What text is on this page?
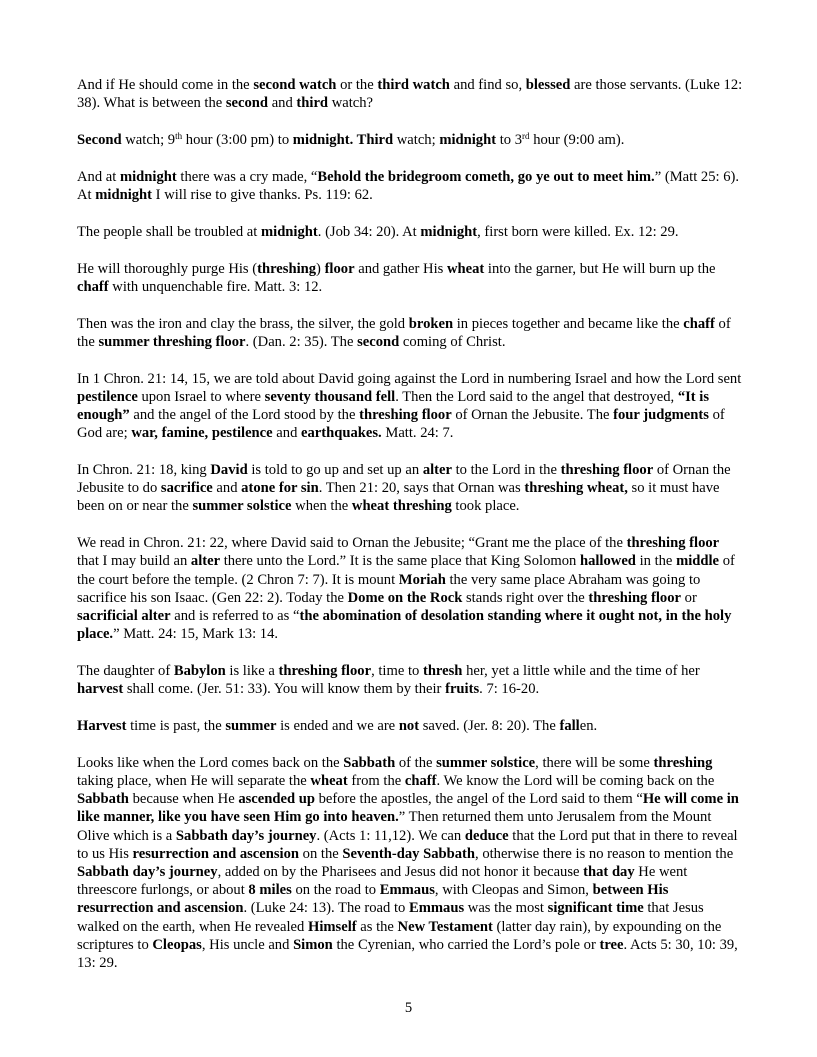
And if He should come in the second watch or the third watch and find so, blessed are those servants. (Luke 12: 38). What is between the second and third watch?

Second watch; 9th hour (3:00 pm) to midnight. Third watch; midnight to 3rd hour (9:00 am).

And at midnight there was a cry made, “Behold the bridegroom cometh, go ye out to meet him.” (Matt 25: 6). At midnight I will rise to give thanks. Ps. 119: 62.

The people shall be troubled at midnight. (Job 34: 20). At midnight, first born were killed. Ex. 12: 29.

He will thoroughly purge His (threshing) floor and gather His wheat into the garner, but He will burn up the chaff with unquenchable fire. Matt. 3: 12.

Then was the iron and clay the brass, the silver, the gold broken in pieces together and became like the chaff of the summer threshing floor. (Dan. 2: 35). The second coming of Christ.

In 1 Chron. 21: 14, 15, we are told about David going against the Lord in numbering Israel and how the Lord sent pestilence upon Israel to where seventy thousand fell. Then the Lord said to the angel that destroyed, “It is enough” and the angel of the Lord stood by the threshing floor of Ornan the Jebusite. The four judgments of God are; war, famine, pestilence and earthquakes. Matt. 24: 7.

In Chron. 21: 18, king David is told to go up and set up an alter to the Lord in the threshing floor of Ornan the Jebusite to do sacrifice and atone for sin. Then 21: 20, says that Ornan was threshing wheat, so it must have been on or near the summer solstice when the wheat threshing took place.

We read in Chron. 21: 22, where David said to Ornan the Jebusite; “Grant me the place of the threshing floor that I may build an alter there unto the Lord.” It is the same place that King Solomon hallowed in the middle of the court before the temple. (2 Chron 7: 7). It is mount Moriah the very same place Abraham was going to sacrifice his son Isaac. (Gen 22: 2). Today the Dome on the Rock stands right over the threshing floor or sacrificial alter and is referred to as “the abomination of desolation standing where it ought not, in the holy place.” Matt. 24: 15, Mark 13: 14.

The daughter of Babylon is like a threshing floor, time to thresh her, yet a little while and the time of her harvest shall come. (Jer. 51: 33). You will know them by their fruits. 7: 16-20.

Harvest time is past, the summer is ended and we are not saved. (Jer. 8: 20). The fallen.

Looks like when the Lord comes back on the Sabbath of the summer solstice, there will be some threshing taking place, when He will separate the wheat from the chaff. We know the Lord will be coming back on the Sabbath because when He ascended up before the apostles, the angel of the Lord said to them “He will come in like manner, like you have seen Him go into heaven.” Then returned them unto Jerusalem from the Mount Olive which is a Sabbath day’s journey. (Acts 1: 11,12). We can deduce that the Lord put that in there to reveal to us His resurrection and ascension on the Seventh-day Sabbath, otherwise there is no reason to mention the Sabbath day’s journey, added on by the Pharisees and Jesus did not honor it because that day He went threescore furlongs, or about 8 miles on the road to Emmaus, with Cleopas and Simon, between His resurrection and ascension. (Luke 24: 13). The road to Emmaus was the most significant time that Jesus walked on the earth, when He revealed Himself as the New Testament (latter day rain), by expounding on the scriptures to Cleopas, His uncle and Simon the Cyrenian, who carried the Lord’s pole or tree. Acts 5: 30, 10: 39, 13: 29.

5
